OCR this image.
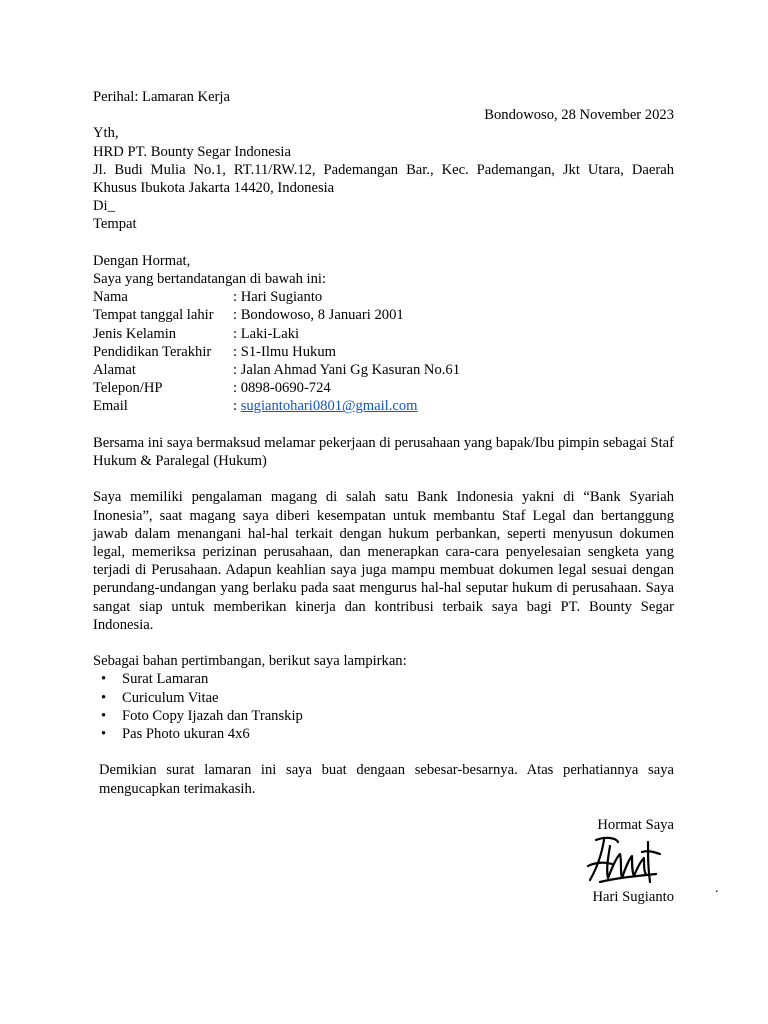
Perihal: Lamaran Kerja

Bondowoso, 28 November 2023

Yth,

HRD PT. Bounty Segar Indonesia

Jl. Budi Mulia No.1, RT.11/RW.12, Pademangan Bar., Kec. Pademangan, Jkt Utara, Daerah Khusus Ibukota Jakarta 14420, Indonesia

Di_

Tempat

Dengan Hormat,

Saya yang bertandatangan di bawah ini:

Nama	: Hari Sugianto
Tempat tanggal lahir	: Bondowoso, 8 Januari 2001
Jenis Kelamin	: Laki-Laki
Pendidikan Terakhir	: S1-Ilmu Hukum
Alamat	: Jalan Ahmad Yani Gg Kasuran No.61
Telepon/HP	: 0898-0690-724
Email	: sugiantohari0801@gmail.com

Bersama ini saya bermaksud melamar pekerjaan di perusahaan yang bapak/Ibu pimpin sebagai Staf Hukum & Paralegal (Hukum)

Saya memiliki pengalaman magang di salah satu Bank Indonesia yakni di “Bank Syariah Inonesia”, saat magang saya diberi kesempatan untuk membantu Staf Legal dan bertanggung jawab dalam menangani hal-hal terkait dengan hukum perbankan, seperti menyusun dokumen legal, memeriksa perizinan perusahaan, dan menerapkan cara-cara penyelesaian sengketa yang terjadi di Perusahaan. Adapun keahlian saya juga mampu membuat dokumen legal sesuai dengan perundang-undangan yang berlaku pada saat mengurus hal-hal seputar hukum di perusahaan. Saya sangat siap untuk memberikan kinerja dan kontribusi terbaik saya bagi PT. Bounty Segar Indonesia.

Sebagai bahan pertimbangan, berikut saya lampirkan:

• Surat Lamaran
• Curiculum Vitae
• Foto Copy Ijazah dan Transkip
• Pas Photo ukuran 4x6

Demikian surat lamaran ini saya buat dengaan sebesar-besarnya. Atas perhatiannya saya mengucapkan terimakasih.

Hormat Saya

Hari Sugianto

.
